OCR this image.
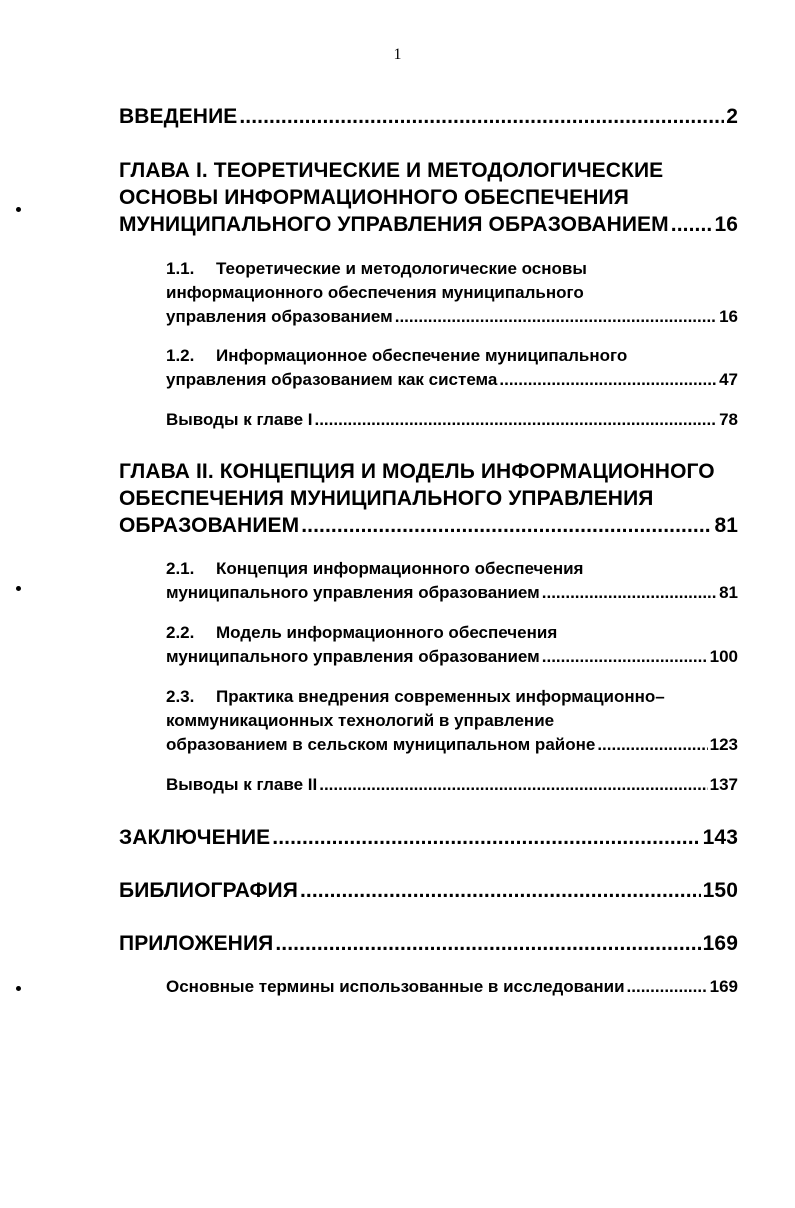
1
ВВЕДЕНИЕ .....	2
ГЛАВА I. ТЕОРЕТИЧЕСКИЕ И МЕТОДОЛОГИЧЕСКИЕ
ОСНОВЫ ИНФОРМАЦИОННОГО ОБЕСПЕЧЕНИЯ
МУНИЦИПАЛЬНОГО УПРАВЛЕНИЯ ОБРАЗОВАНИЕМ ..... 16
1.1. Теоретические и методологические основы
информационного обеспечения муниципального
управления образованием .....	16
1.2. Информационное обеспечение муниципального
управления образованием как система .....	47
Выводы к главе I .....	78
ГЛАВА II. КОНЦЕПЦИЯ И МОДЕЛЬ ИНФОРМАЦИОННОГО
ОБЕСПЕЧЕНИЯ МУНИЦИПАЛЬНОГО УПРАВЛЕНИЯ
ОБРАЗОВАНИЕМ .....	81
2.1. Концепция информационного обеспечения
муниципального управления образованием .....	81
2.2. Модель информационного обеспечения
муниципального управления образованием .....	100
2.3. Практика внедрения современных информационно–
коммуникационных технологий в управление
образованием в сельском муниципальном районе .....	123
Выводы к главе II .....	137
ЗАКЛЮЧЕНИЕ .....	143
БИБЛИОГРАФИЯ .....	150
ПРИЛОЖЕНИЯ .....	169
Основные термины использованные в исследовании .....	169
